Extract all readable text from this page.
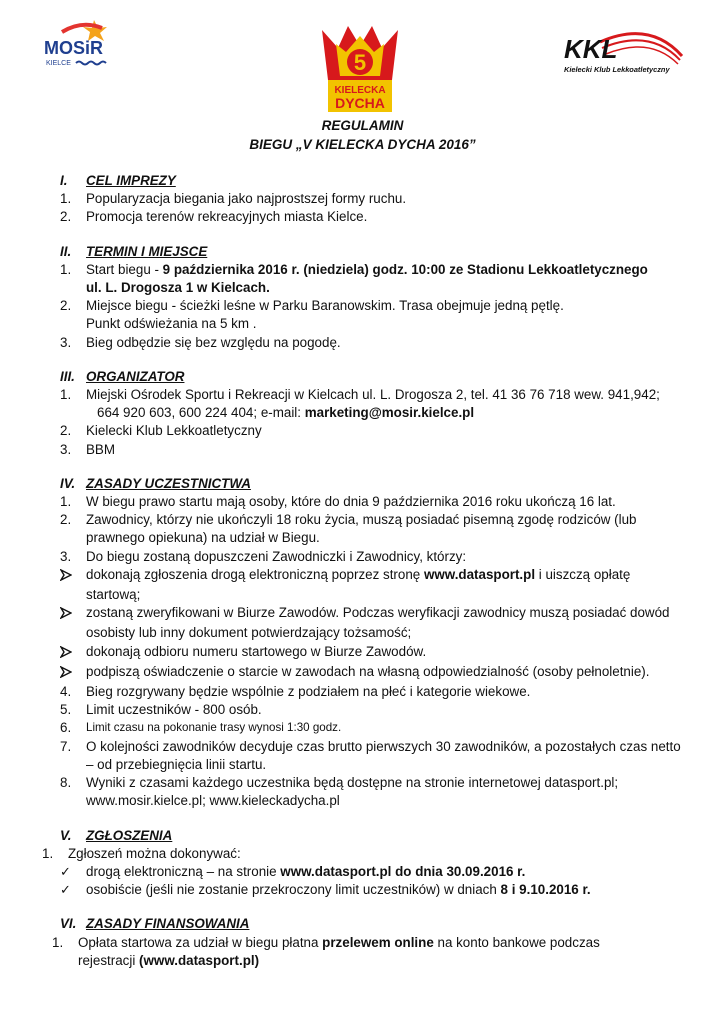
MOSiR
KIELCE	5
KIELECKA
DYCHA
KKL
Kielecki Klub Lekkoatletyczny
REGULAMIN
BIEGU „V KIELECKA DYCHA 2016”
I.	CEL IMPREZY
1.	Popularyzacja biegania jako najprostszej formy ruchu.
2.	Promocja terenów rekreacyjnych miasta Kielce.
II.	TERMIN I MIEJSCE
1.	Start biegu - 9 października 2016 r. (niedziela) godz. 10:00 ze Stadionu Lekkoatletycznego
ul. L. Drogosza 1 w Kielcach.
2.	Miejsce biegu - ścieżki leśne w Parku Baranowskim. Trasa obejmuje jedną pętlę.
Punkt odświeżania na 5 km .
3.	Bieg odbędzie się bez względu na pogodę.
III. ORGANIZATOR
1.	Miejski Ośrodek Sportu i Rekreacji w Kielcach ul. L. Drogosza 2, tel. 41 36 76 718 wew. 941,942;
664 920 603, 600 224 404; e-mail: marketing@mosir.kielce.pl
2.	Kielecki Klub Lekkoatletyczny
3.	BBM
IV. ZASADY UCZESTNICTWA
1.	W biegu prawo startu mają osoby, które do dnia 9 października 2016 roku ukończą 16 lat.
2.	Zawodnicy, którzy nie ukończyli 18 roku życia, muszą posiadać pisemną zgodę rodziców (lub
prawnego opiekuna) na udział w Biegu.
3.	Do biegu zostaną dopuszczeni Zawodniczki i Zawodnicy, którzy:
dokonają zgłoszenia drogą elektroniczną poprzez stronę www.datasport.pl i uiszczą opłatę
startową;
zostaną zweryfikowani w Biurze Zawodów. Podczas weryfikacji zawodnicy muszą posiadać dowód
osobisty lub inny dokument potwierdzający tożsamość;
dokonają odbioru numeru startowego w Biurze Zawodów.
podpiszą oświadczenie o starcie w zawodach na własną odpowiedzialność (osoby pełnoletnie).
4.	Bieg rozgrywany będzie wspólnie z podziałem na płeć i kategorie wiekowe.
5.	Limit uczestników - 800 osób.
6.	Limit czasu na pokonanie trasy wynosi 1:30 godz.
7.	O kolejności zawodników decyduje czas brutto pierwszych 30 zawodników, a pozostałych czas netto
– od przebiegnięcia linii startu.
8.	Wyniki z czasami każdego uczestnika będą dostępne na stronie internetowej datasport.pl;
www.mosir.kielce.pl; www.kieleckadycha.pl
V.	ZGŁOSZENIA
1.	Zgłoszeń można dokonywać:
✓	drogą elektroniczną – na stronie www.datasport.pl do dnia 30.09.2016 r.
✓	osobiście (jeśli nie zostanie przekroczony limit uczestników) w dniach 8 i 9.10.2016 r.
VI. ZASADY FINANSOWANIA
1.	Opłata startowa za udział w biegu płatna przelewem online na konto bankowe podczas
rejestracji (www.datasport.pl)
